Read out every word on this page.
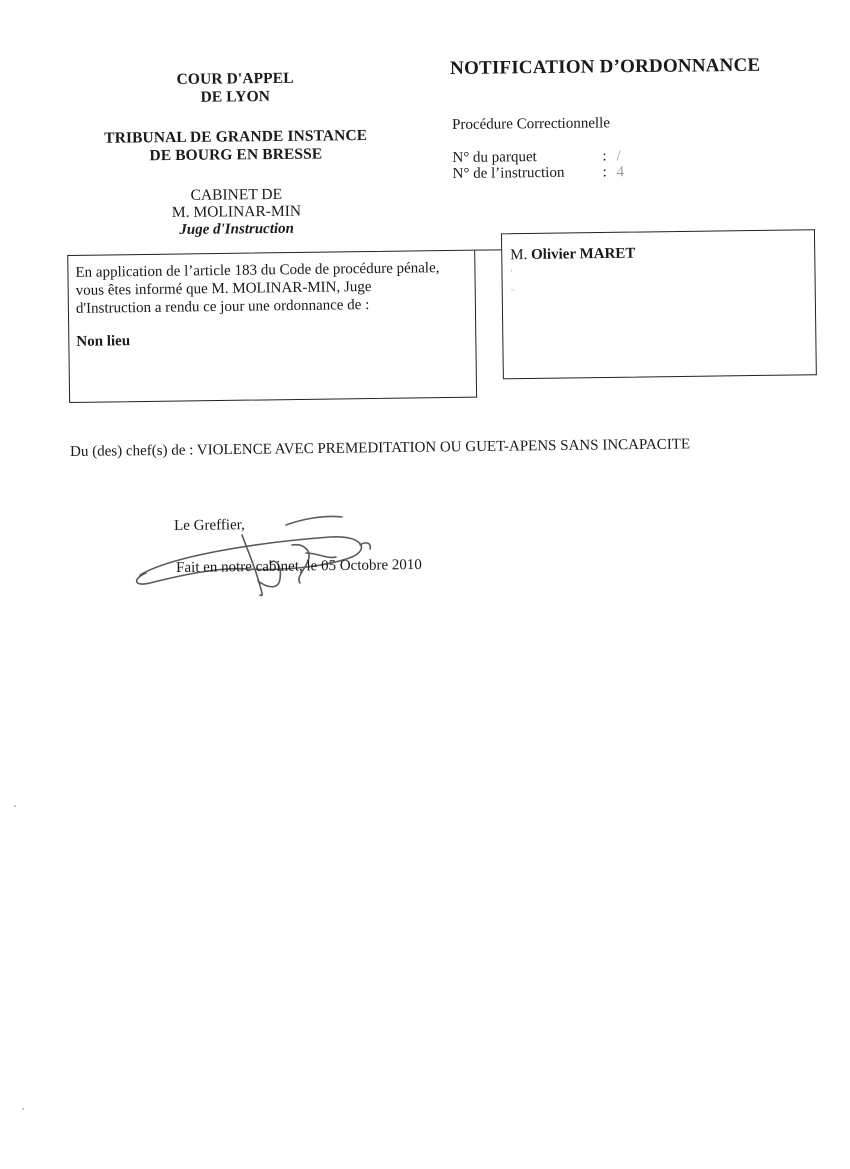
COUR D'APPEL
DE LYON
TRIBUNAL DE GRANDE INSTANCE
DE BOURG EN BRESSE
CABINET DE
M. MOLINAR-MIN
Juge d'Instruction
NOTIFICATION D’ORDONNANCE
Procédure Correctionnelle
N° du parquet	: /
N° de l’instruction	: 4
En application de l’article 183 du Code de procédure pénale,
vous êtes informé que M. MOLINAR-MIN, Juge
d'Instruction a rendu ce jour une ordonnance de :
Non lieu
M. Olivier MARET
'
-
Du (des) chef(s) de : VIOLENCE AVEC PREMEDITATION OU GUET-APENS SANS INCAPACITE
Le Greffier,
Fait en notre cabinet, le 05 Octobre 2010
